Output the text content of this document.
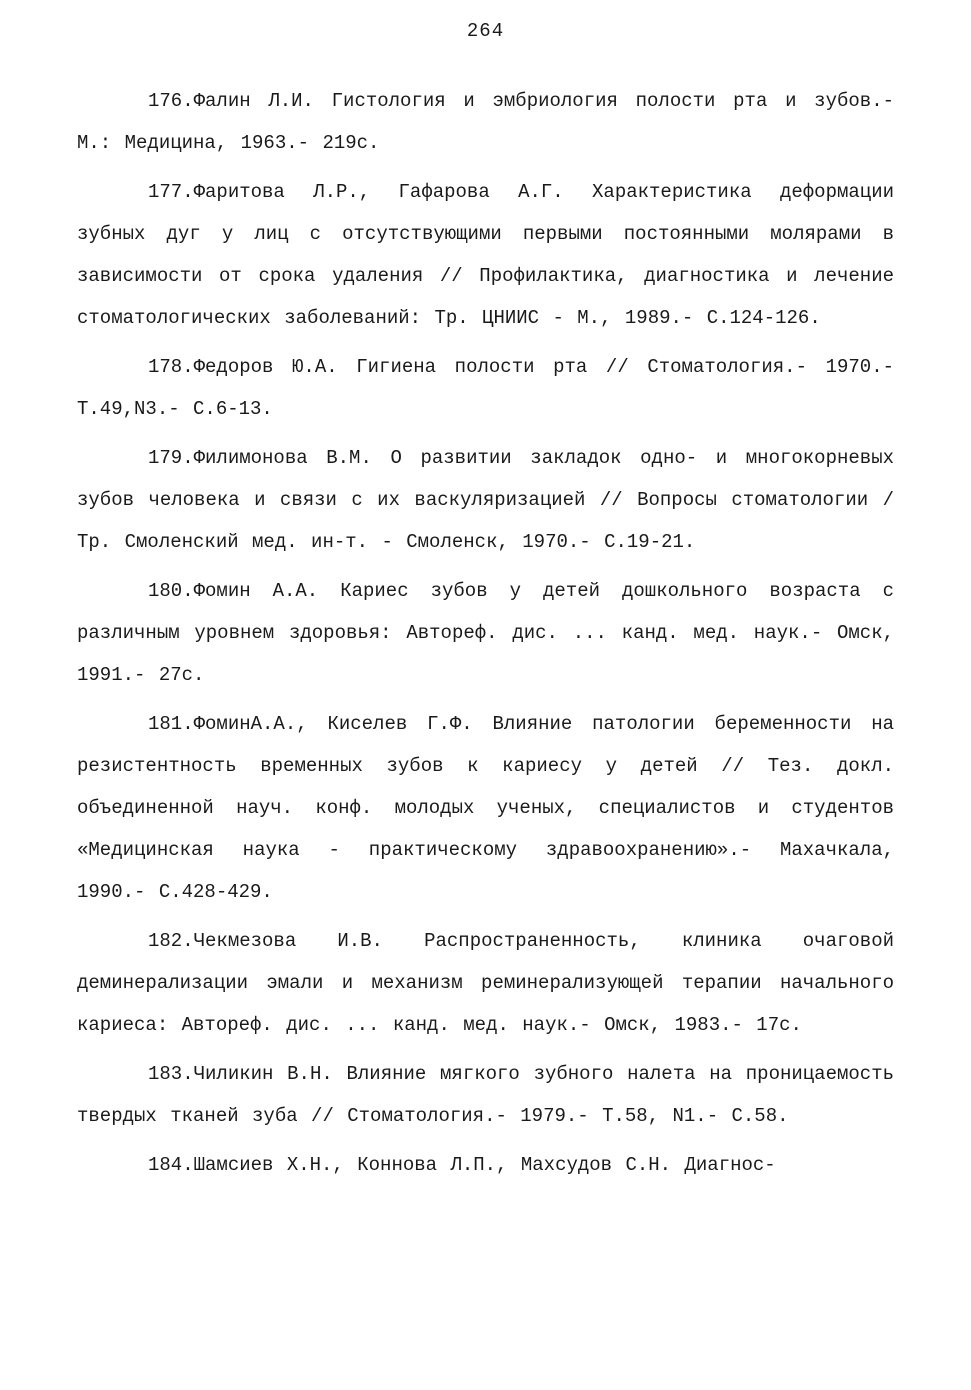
264

176.Фалин Л.И. Гистология и эмбриология полости рта и зубов.- М.: Медицина, 1963.- 219с.

177.Фаритова Л.Р., Гафарова А.Г. Характеристика деформации зубных дуг у лиц с отсутствующими первыми постоянными молярами в зависимости от срока удаления // Профилактика, диагностика и лечение стоматологических заболеваний: Тр. ЦНИИС - М., 1989.- С.124-126.

178.Федоров Ю.А. Гигиена полости рта // Стоматология.- 1970.- Т.49,N3.- С.6-13.

179.Филимонова В.М. О развитии закладок одно- и многокорневых зубов человека и связи с их васкуляризацией // Вопросы стоматологии / Тр. Смоленский мед. ин-т. - Смоленск, 1970.- С.19-21.

180.Фомин А.А. Кариес зубов у детей дошкольного возраста с различным уровнем здоровья: Автореф. дис. ... канд. мед. наук.- Омск, 1991.- 27с.

181.ФоминА.А., Киселев Г.Ф. Влияние патологии беременности на резистентность временных зубов к кариесу у детей // Тез. докл. объединенной науч. конф. молодых ученых, специалистов и студентов «Медицинская наука - практическому здравоохранению».- Махачкала, 1990.- С.428-429.

182.Чекмезова И.В. Распространенность, клиника очаговой деминерализации эмали и механизм реминерализующей терапии начального кариеса: Автореф. дис. ... канд. мед. наук.- Омск, 1983.- 17с.

183.Чиликин В.Н. Влияние мягкого зубного налета на проницаемость твердых тканей зуба // Стоматология.- 1979.- Т.58, N1.- С.58.

184.Шамсиев Х.Н., Коннова Л.П., Махсудов С.Н. Диагнос-
